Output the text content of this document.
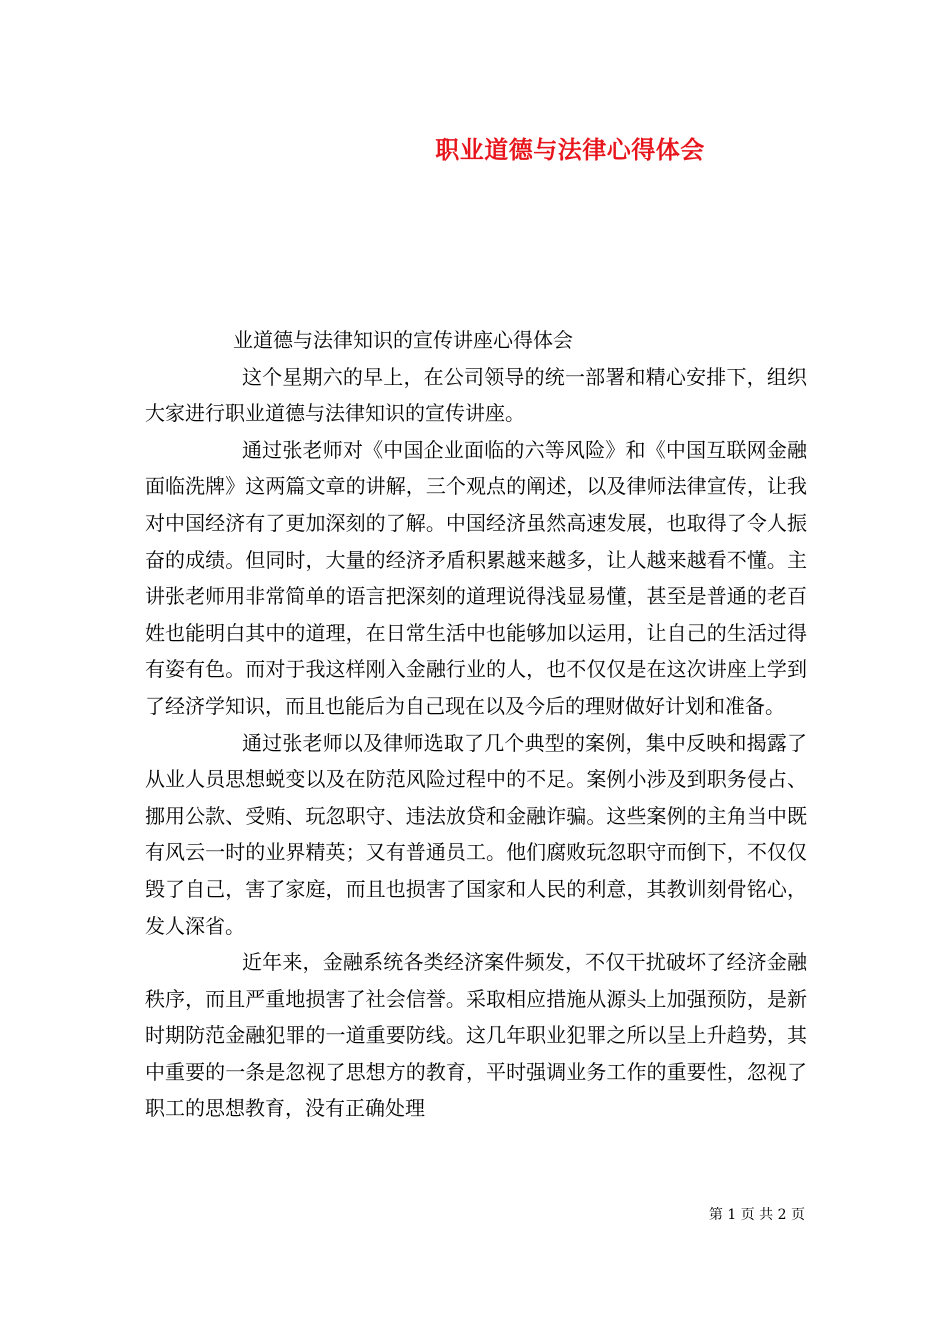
职业道德与法律心得体会

业道德与法律知识的宣传讲座心得体会

这个星期六的早上，在公司领导的统一部署和精心安排下，组织大家进行职业道德与法律知识的宣传讲座。

通过张老师对《中国企业面临的六等风险》和《中国互联网金融面临洗牌》这两篇文章的讲解，三个观点的阐述，以及律师法律宣传，让我对中国经济有了更加深刻的了解。中国经济虽然高速发展，也取得了令人振奋的成绩。但同时，大量的经济矛盾积累越来越多，让人越来越看不懂。主讲张老师用非常简单的语言把深刻的道理说得浅显易懂，甚至是普通的老百姓也能明白其中的道理，在日常生活中也能够加以运用，让自己的生活过得有姿有色。而对于我这样刚入金融行业的人，也不仅仅是在这次讲座上学到了经济学知识，而且也能后为自己现在以及今后的理财做好计划和准备。

通过张老师以及律师选取了几个典型的案例，集中反映和揭露了从业人员思想蜕变以及在防范风险过程中的不足。案例小涉及到职务侵占、挪用公款、受贿、玩忽职守、违法放贷和金融诈骗。这些案例的主角当中既有风云一时的业界精英；又有普通员工。他们腐败玩忽职守而倒下，不仅仅毁了自己，害了家庭，而且也损害了国家和人民的利意，其教训刻骨铭心，发人深省。

近年来，金融系统各类经济案件频发，不仅干扰破坏了经济金融秩序，而且严重地损害了社会信誉。采取相应措施从源头上加强预防，是新时期防范金融犯罪的一道重要防线。这几年职业犯罪之所以呈上升趋势，其中重要的一条是忽视了思想方的教育，平时强调业务工作的重要性，忽视了职工的思想教育，没有正确处理

第 1 页 共 2 页
